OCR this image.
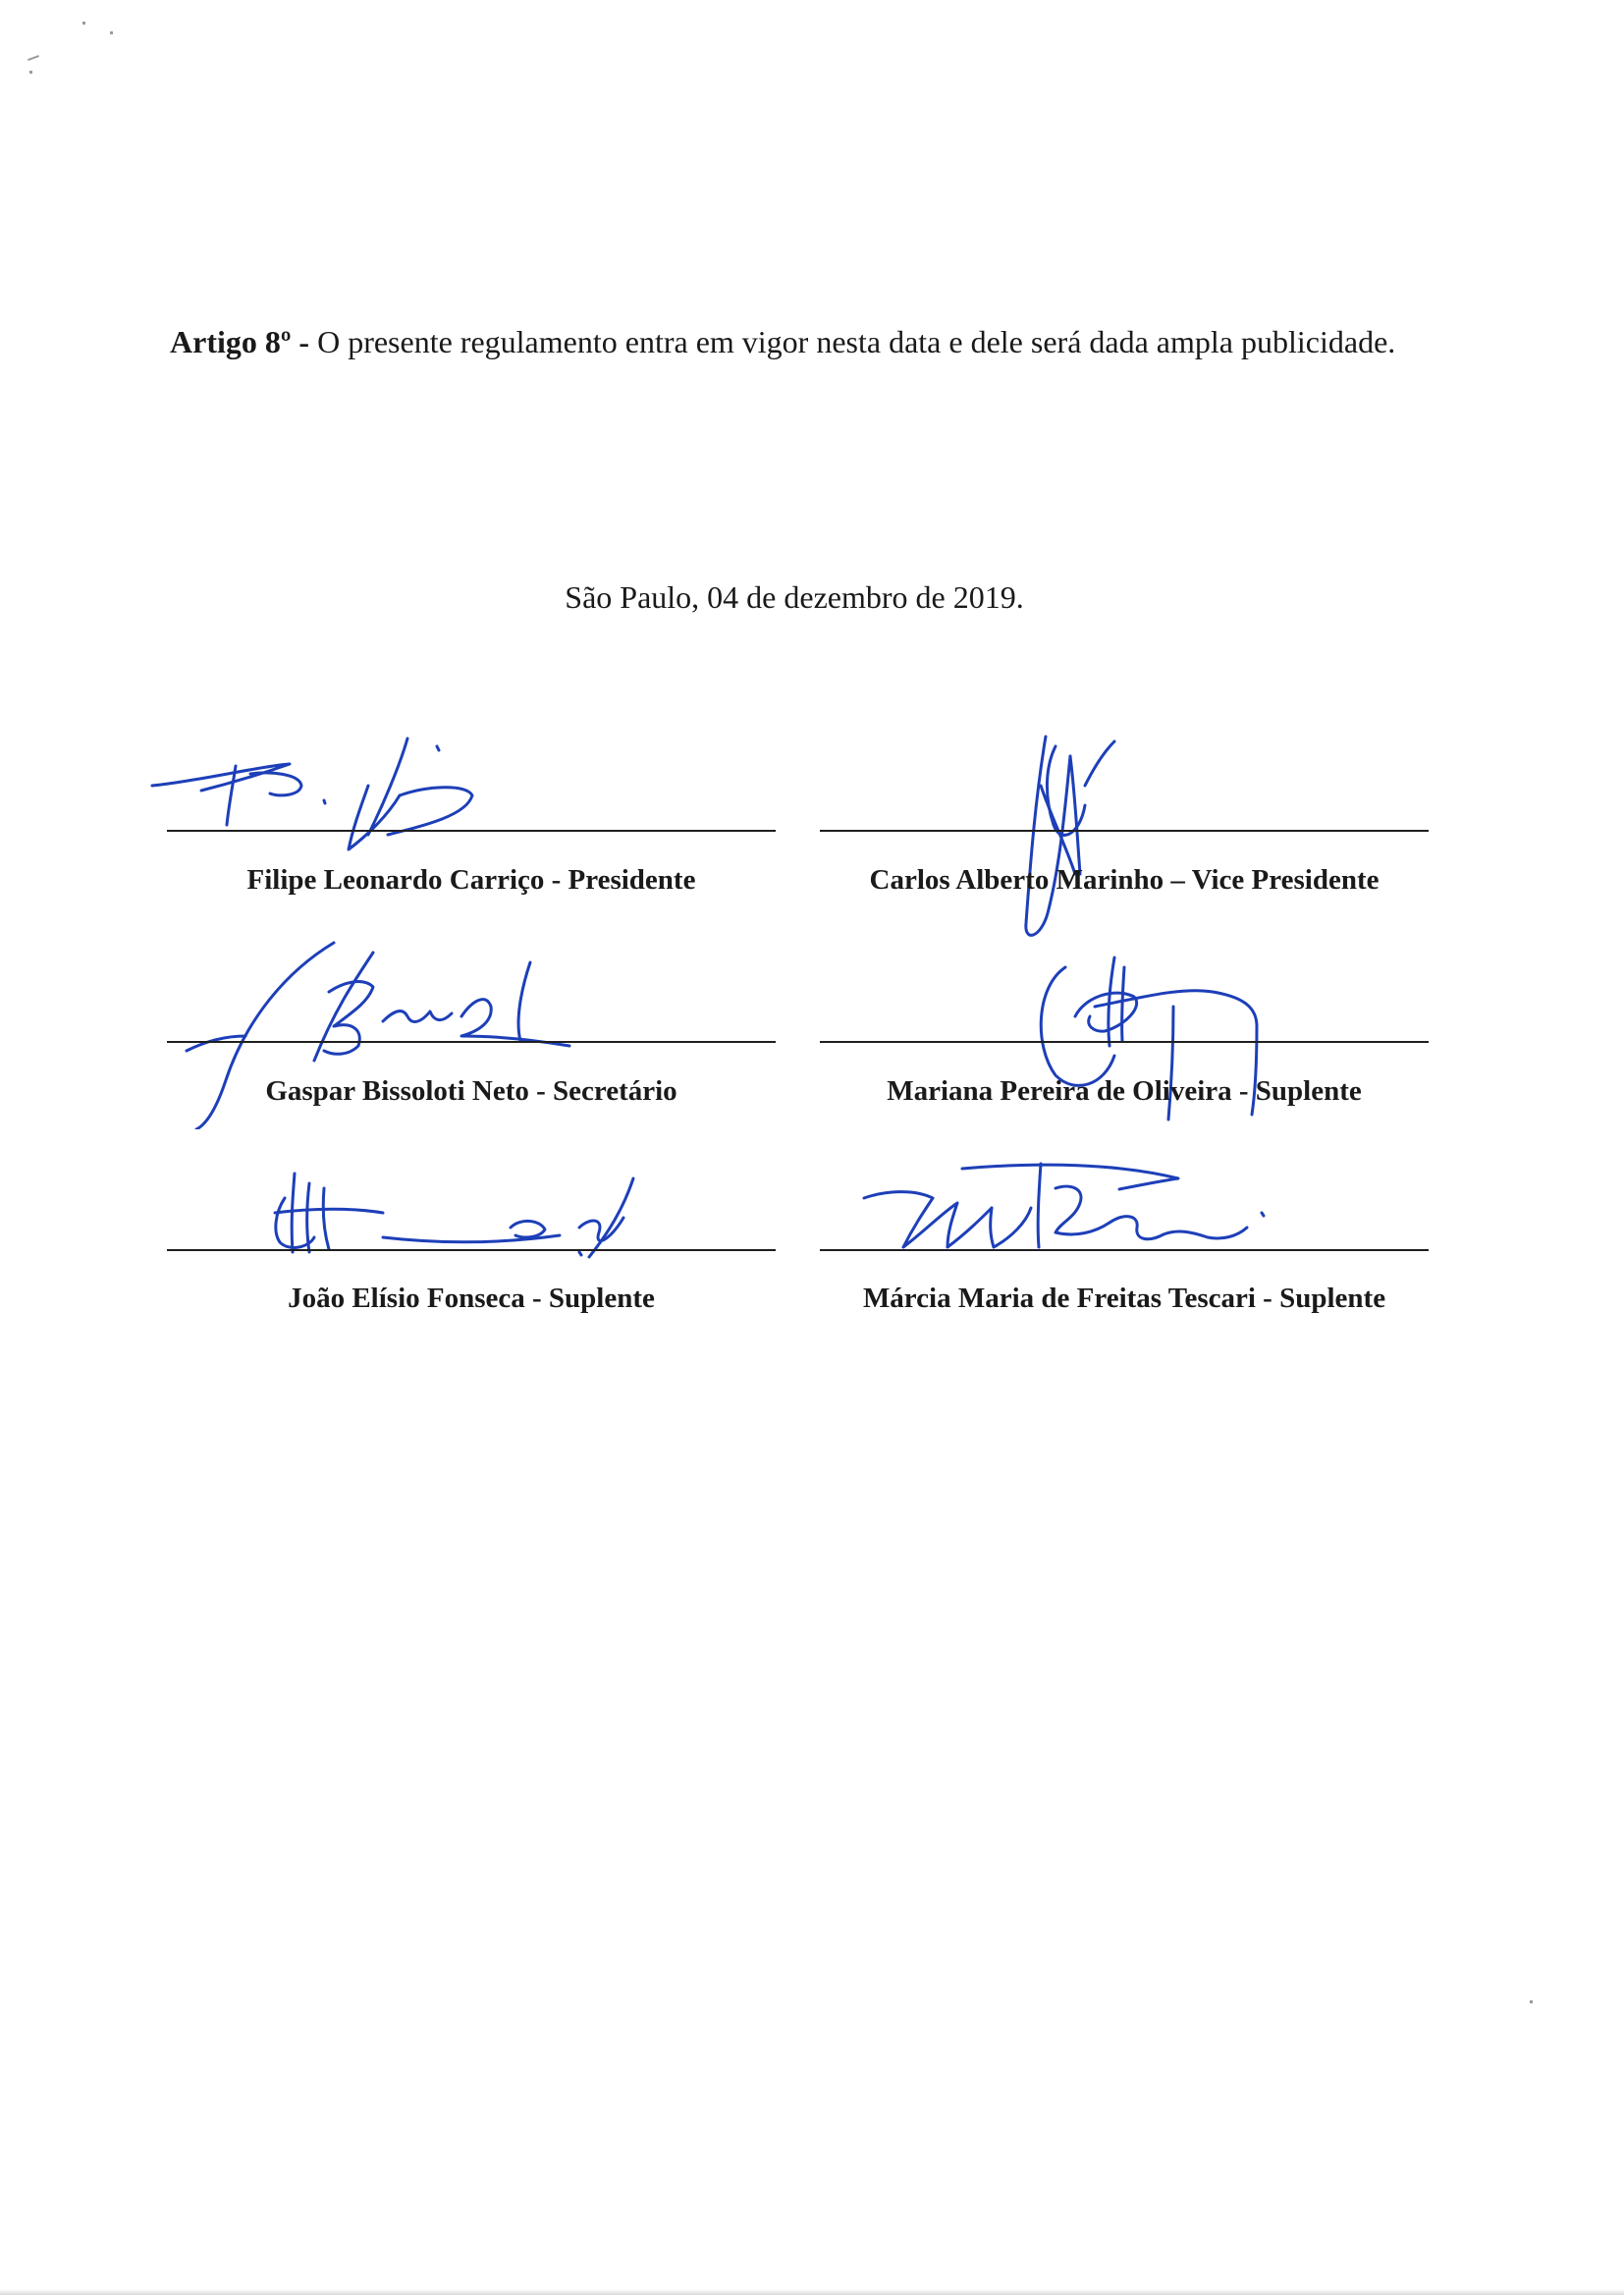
Artigo 8º - O presente regulamento entra em vigor nesta data e dele será dada ampla publicidade.

São Paulo, 04 de dezembro de 2019.
Filipe Leonardo Carriço - Presidente	Carlos Alberto Marinho – Vice Presidente
Gaspar Bissoloti Neto - Secretário	Mariana Pereira de Oliveira - Suplente
João Elísio Fonseca - Suplente	Márcia Maria de Freitas Tescari - Suplente
